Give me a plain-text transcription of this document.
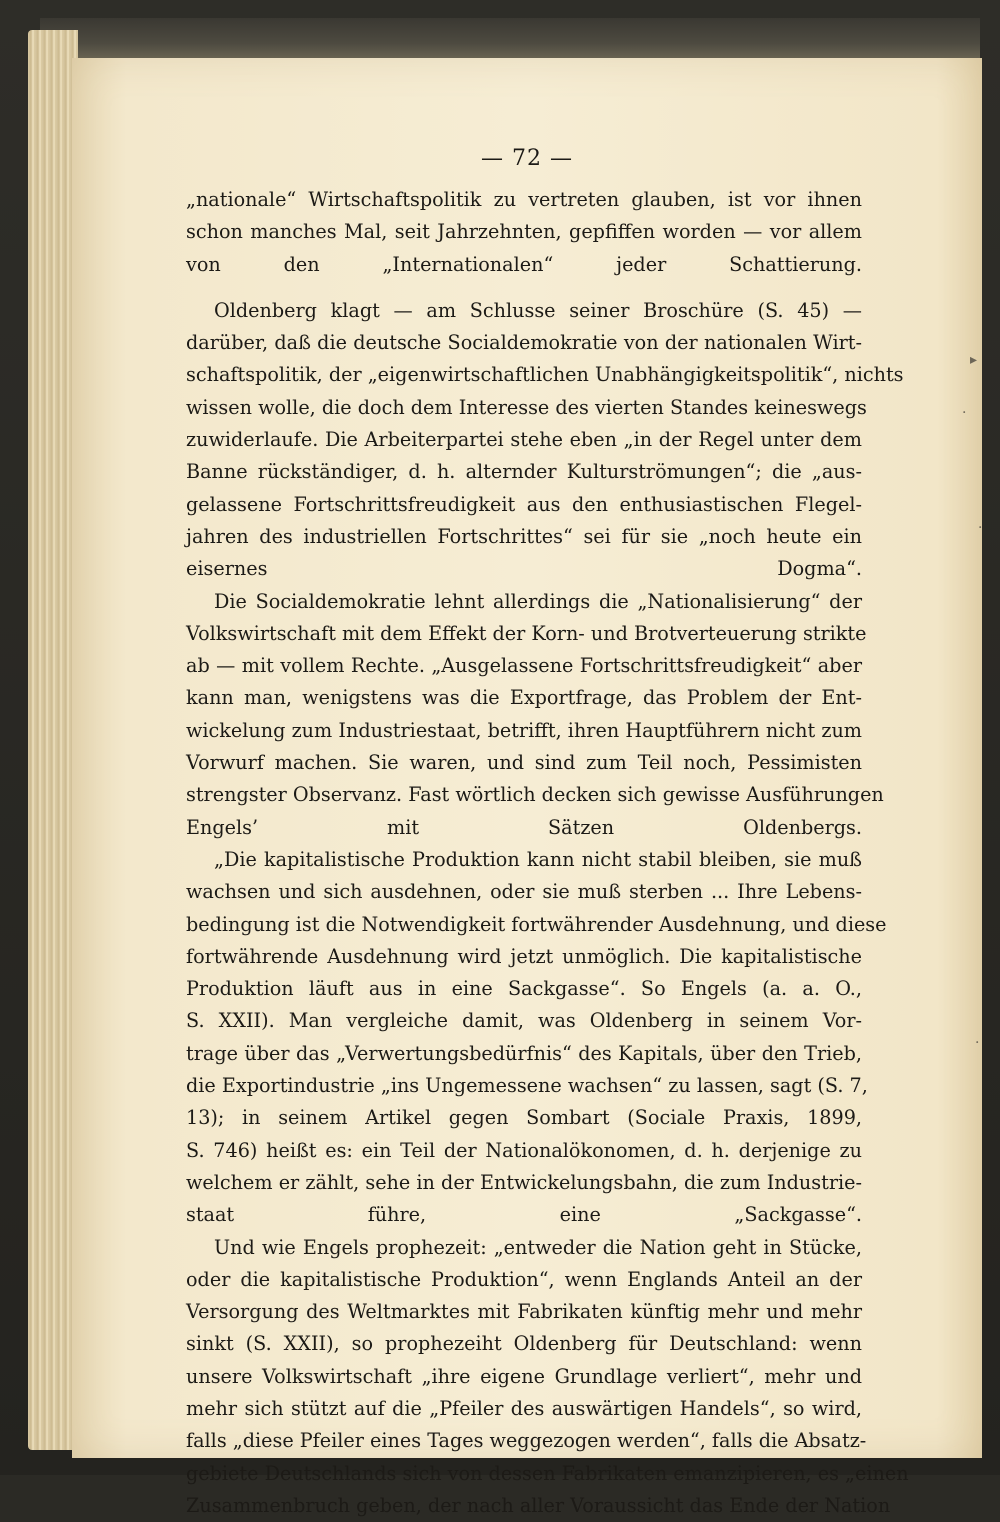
— 72 —

„nationale“ Wirtschaftspolitik zu vertreten glauben, ist vor ihnen
schon manches Mal, seit Jahrzehnten, gepfiffen worden — vor allem
von den „Internationalen“ jeder Schattierung.

Oldenberg klagt — am Schlusse seiner Broschüre (S. 45) —
darüber, daß die deutsche Socialdemokratie von der nationalen Wirt-
schaftspolitik, der „eigenwirtschaftlichen Unabhängigkeitspolitik“, nichts
wissen wolle, die doch dem Interesse des vierten Standes keineswegs
zuwiderlaufe. Die Arbeiterpartei stehe eben „in der Regel unter dem
Banne rückständiger, d. h. alternder Kulturströmungen“; die „aus-
gelassene Fortschrittsfreudigkeit aus den enthusiastischen Flegel-
jahren des industriellen Fortschrittes“ sei für sie „noch heute ein
eisernes Dogma“.

Die Socialdemokratie lehnt allerdings die „Nationalisierung“ der
Volkswirtschaft mit dem Effekt der Korn- und Brotverteuerung strikte
ab — mit vollem Rechte. „Ausgelassene Fortschrittsfreudigkeit“ aber
kann man, wenigstens was die Exportfrage, das Problem der Ent-
wickelung zum Industriestaat, betrifft, ihren Hauptführern nicht zum
Vorwurf machen. Sie waren, und sind zum Teil noch, Pessimisten
strengster Observanz. Fast wörtlich decken sich gewisse Ausführungen
Engels’ mit Sätzen Oldenbergs.

„Die kapitalistische Produktion kann nicht stabil bleiben, sie muß
wachsen und sich ausdehnen, oder sie muß sterben ... Ihre Lebens-
bedingung ist die Notwendigkeit fortwährender Ausdehnung, und diese
fortwährende Ausdehnung wird jetzt unmöglich. Die kapitalistische
Produktion läuft aus in eine Sackgasse“. So Engels (a. a. O.,
S. XXII). Man vergleiche damit, was Oldenberg in seinem Vor-
trage über das „Verwertungsbedürfnis“ des Kapitals, über den Trieb,
die Exportindustrie „ins Ungemessene wachsen“ zu lassen, sagt (S. 7,
13); in seinem Artikel gegen Sombart (Sociale Praxis, 1899,
S. 746) heißt es: ein Teil der Nationalökonomen, d. h. derjenige zu
welchem er zählt, sehe in der Entwickelungsbahn, die zum Industrie-
staat führe, eine „Sackgasse“.

Und wie Engels prophezeit: „entweder die Nation geht in Stücke,
oder die kapitalistische Produktion“, wenn Englands Anteil an der
Versorgung des Weltmarktes mit Fabrikaten künftig mehr und mehr
sinkt (S. XXII), so prophezeiht Oldenberg für Deutschland: wenn
unsere Volkswirtschaft „ihre eigene Grundlage verliert“, mehr und
mehr sich stützt auf die „Pfeiler des auswärtigen Handels“, so wird,
falls „diese Pfeiler eines Tages weggezogen werden“, falls die Absatz-
gebiete Deutschlands sich von dessen Fabrikaten emanzipieren, es „einen
Zusammenbruch geben, der nach aller Voraussicht das Ende der Nation

▸
·
·
·
